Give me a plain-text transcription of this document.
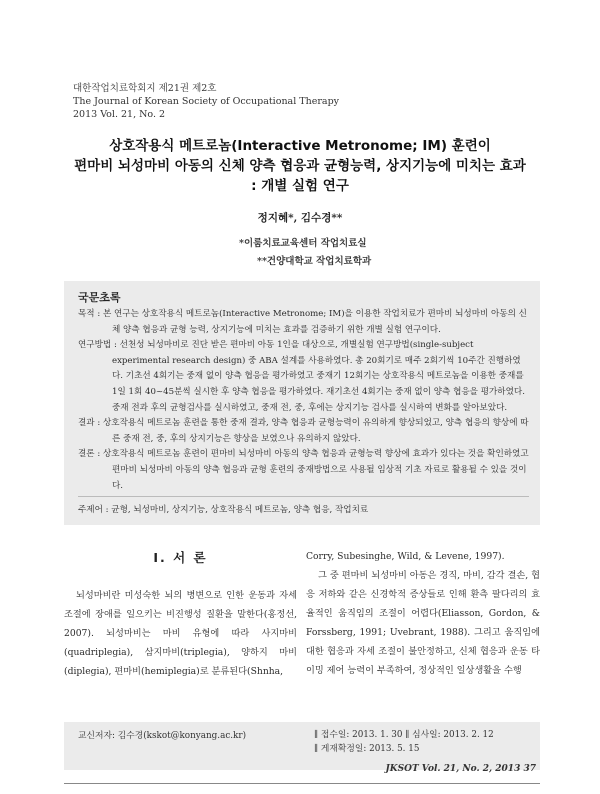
대한작업치료학회지 제21권 제2호
The Journal of Korean Society of Occupational Therapy
2013 Vol. 21, No. 2
상호작용식 메트로놈(Interactive Metronome; IM) 훈련이
편마비 뇌성마비 아동의 신체 양측 협응과 균형능력, 상지기능에 미치는 효과
: 개별 실험 연구
정지혜*, 김수경**
*이룸치료교육센터 작업치료실
**건양대학교 작업치료학과
국문초록

목적 : 본 연구는 상호작용식 메트로놈(Interactive Metronome; IM)을 이용한 작업치료가 편마비 뇌성마비 아동의 신체 양측 협응과 균형 능력, 상지기능에 미치는 효과를 검증하기 위한 개별 실험 연구이다.

연구방법 : 선천성 뇌성마비로 진단 받은 편마비 아동 1인을 대상으로, 개별실험 연구방법(single-subject experimental research design) 중 ABA 설계를 사용하였다. 총 20회기로 매주 2회기씩 10주간 진행하였다. 기초선 4회기는 중재 없이 양측 협응을 평가하였고 중재기 12회기는 상호작용식 메트로놈을 이용한 중재를 1일 1회 40~45분씩 실시한 후 양측 협응을 평가하였다. 재기초선 4회기는 중재 없이 양측 협응을 평가하였다. 중재 전과 후의 균형검사를 실시하였고, 중재 전, 중, 후에는 상지기능 검사를 실시하여 변화를 알아보았다.

결과 : 상호작용식 메트로놈 훈련을 통한 중재 결과, 양측 협응과 균형능력이 유의하게 향상되었고, 양측 협응의 향상에 따른 중재 전, 중, 후의 상지기능은 향상을 보였으나 유의하지 않았다.

결론 : 상호작용식 메트로놈 훈련이 편마비 뇌성마비 아동의 양측 협응과 균형능력 향상에 효과가 있다는 것을 확인하였고 편마비 뇌성마비 아동의 양측 협응과 균형 훈련의 중재방법으로 사용될 임상적 기초 자료로 활용될 수 있을 것이다.

주제어 : 균형, 뇌성마비, 상지기능, 상호작용식 메트로놈, 양측 협응, 작업치료
Ⅰ. 서 론

뇌성마비란 미성숙한 뇌의 병변으로 인한 운동과 자세 조절에 장애를 일으키는 비진행성 질환을 말한다(홍정선, 2007). 뇌성마비는 마비 유형에 따라 사지마비(quadriplegia), 삼지마비(triplegia), 양하지 마비(diplegia), 편마비(hemiplegia)로 분류된다(Shnha,

Corry, Subesinghe, Wild, & Levene, 1997).

그 중 편마비 뇌성마비 아동은 경직, 마비, 감각 결손, 협응 저하와 같은 신경학적 증상들로 인해 환측 팔다리의 효율적인 움직임의 조절이 어렵다(Eliasson, Gordon, & Forssberg, 1991; Uvebrant, 1988). 그리고 움직임에 대한 협응과 자세 조절이 불안정하고, 신체 협응과 운동 타이밍 제어 능력이 부족하여, 정상적인 일상생활을 수행

교신저자: 김수경(kskot@konyang.ac.kr)	∥ 접수일: 2013. 1. 30 ∥ 심사일: 2013. 2. 12
∥ 게재확정일: 2013. 5. 15
JKSOT Vol. 21, No. 2, 2013 37
